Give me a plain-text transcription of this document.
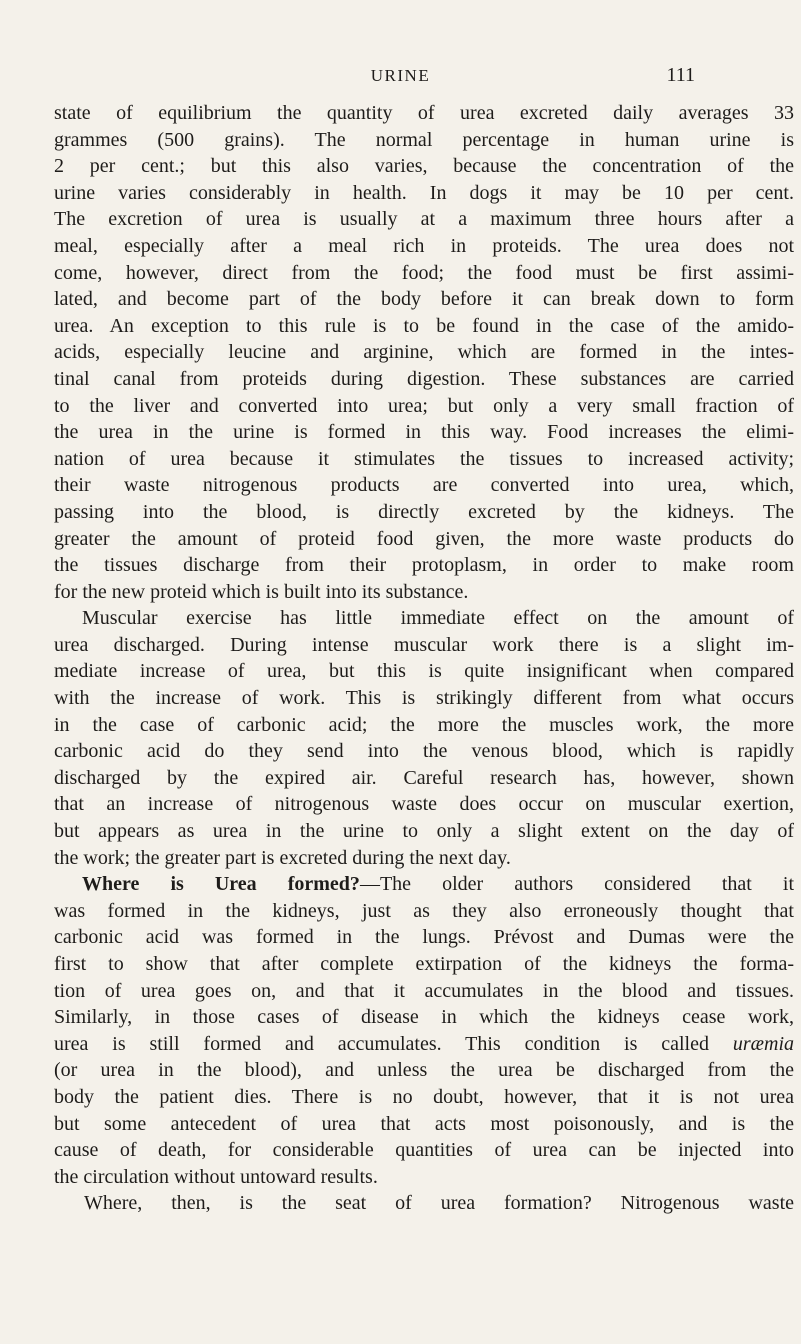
URINE	111
state of equilibrium the quantity of urea excreted daily averages 33
grammes (500 grains). The normal percentage in human urine is
2 per cent.; but this also varies, because the concentration of the
urine varies considerably in health. In dogs it may be 10 per cent.
The excretion of urea is usually at a maximum three hours after a
meal, especially after a meal rich in proteids. The urea does not
come, however, direct from the food; the food must be first assimi-
lated, and become part of the body before it can break down to form
urea. An exception to this rule is to be found in the case of the amido-
acids, especially leucine and arginine, which are formed in the intes-
tinal canal from proteids during digestion. These substances are carried
to the liver and converted into urea; but only a very small fraction of
the urea in the urine is formed in this way. Food increases the elimi-
nation of urea because it stimulates the tissues to increased activity;
their waste nitrogenous products are converted into urea, which,
passing into the blood, is directly excreted by the kidneys. The
greater the amount of proteid food given, the more waste products do
the tissues discharge from their protoplasm, in order to make room
for the new proteid which is built into its substance.
Muscular exercise has little immediate effect on the amount of
urea discharged. During intense muscular work there is a slight im-
mediate increase of urea, but this is quite insignificant when compared
with the increase of work. This is strikingly different from what occurs
in the case of carbonic acid; the more the muscles work, the more
carbonic acid do they send into the venous blood, which is rapidly
discharged by the expired air. Careful research has, however, shown
that an increase of nitrogenous waste does occur on muscular exertion,
but appears as urea in the urine to only a slight extent on the day of
the work; the greater part is excreted during the next day.
Where is Urea formed?—The older authors considered that it
was formed in the kidneys, just as they also erroneously thought that
carbonic acid was formed in the lungs. Prévost and Dumas were the
first to show that after complete extirpation of the kidneys the forma-
tion of urea goes on, and that it accumulates in the blood and tissues.
Similarly, in those cases of disease in which the kidneys cease work,
urea is still formed and accumulates. This condition is called uræmia
(or urea in the blood), and unless the urea be discharged from the
body the patient dies. There is no doubt, however, that it is not urea
but some antecedent of urea that acts most poisonously, and is the
cause of death, for considerable quantities of urea can be injected into
the circulation without untoward results.
Where, then, is the seat of urea formation? Nitrogenous waste
